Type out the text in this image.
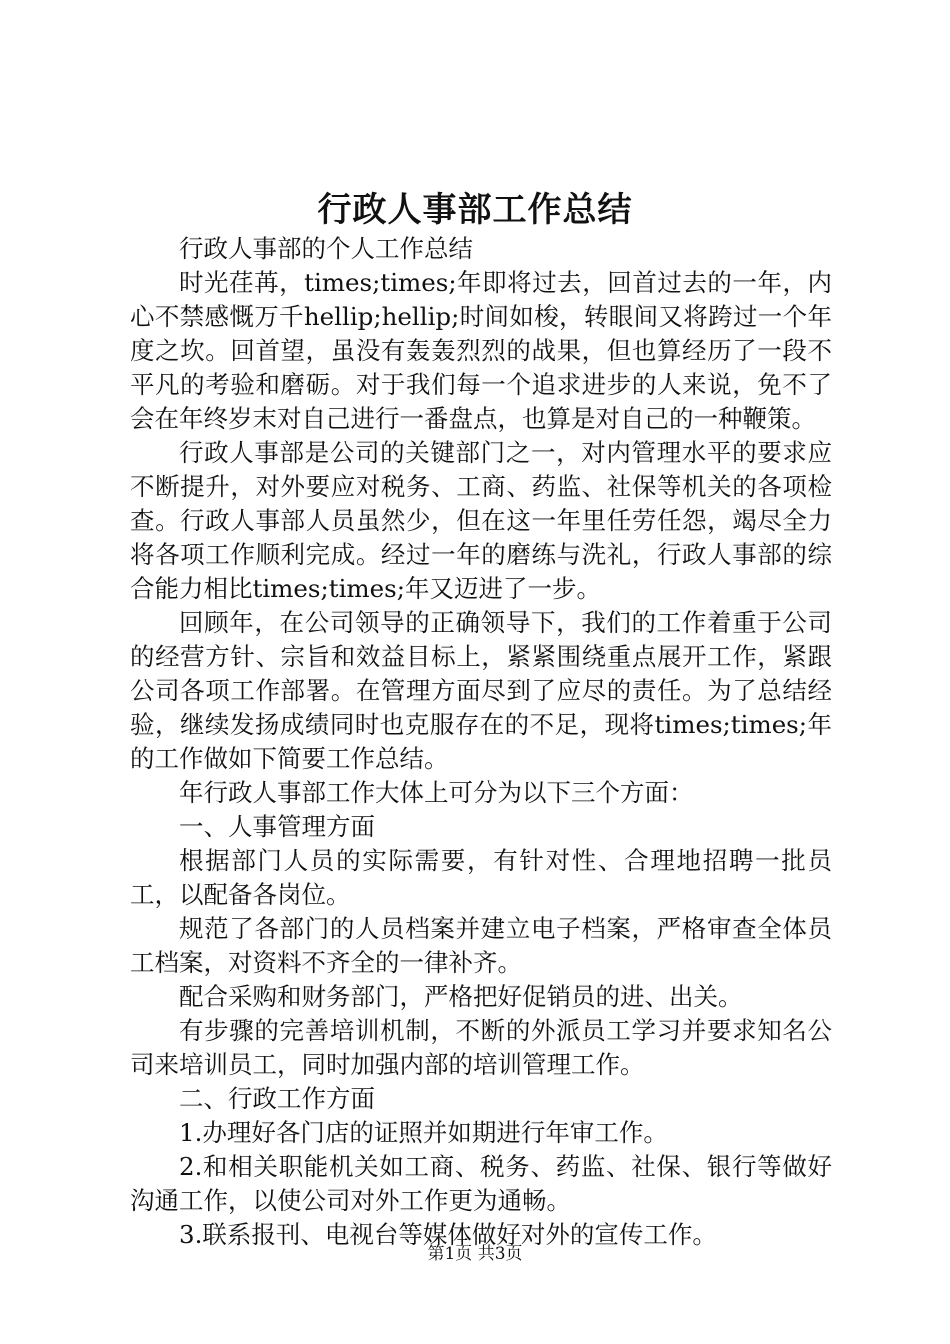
行政人事部工作总结

行政人事部的个人工作总结

时光荏苒，times;times;年即将过去，回首过去的一年，内心不禁感慨万千hellip;hellip;时间如梭，转眼间又将跨过一个年度之坎。回首望，虽没有轰轰烈烈的战果，但也算经历了一段不平凡的考验和磨砺。对于我们每一个追求进步的人来说，免不了会在年终岁末对自己进行一番盘点，也算是对自己的一种鞭策。

行政人事部是公司的关键部门之一，对内管理水平的要求应不断提升，对外要应对税务、工商、药监、社保等机关的各项检查。行政人事部人员虽然少，但在这一年里任劳任怨，竭尽全力将各项工作顺利完成。经过一年的磨练与洗礼，行政人事部的综合能力相比times;times;年又迈进了一步。

回顾年，在公司领导的正确领导下，我们的工作着重于公司的经营方针、宗旨和效益目标上，紧紧围绕重点展开工作，紧跟公司各项工作部署。在管理方面尽到了应尽的责任。为了总结经验，继续发扬成绩同时也克服存在的不足，现将times;times;年的工作做如下简要工作总结。

年行政人事部工作大体上可分为以下三个方面：

一、人事管理方面

根据部门人员的实际需要，有针对性、合理地招聘一批员工，以配备各岗位。

规范了各部门的人员档案并建立电子档案，严格审查全体员工档案，对资料不齐全的一律补齐。

配合采购和财务部门，严格把好促销员的进、出关。

有步骤的完善培训机制，不断的外派员工学习并要求知名公司来培训员工，同时加强内部的培训管理工作。

二、行政工作方面

1.办理好各门店的证照并如期进行年审工作。

2.和相关职能机关如工商、税务、药监、社保、银行等做好沟通工作，以使公司对外工作更为通畅。

3.联系报刊、电视台等媒体做好对外的宣传工作。

第1页 共3页
